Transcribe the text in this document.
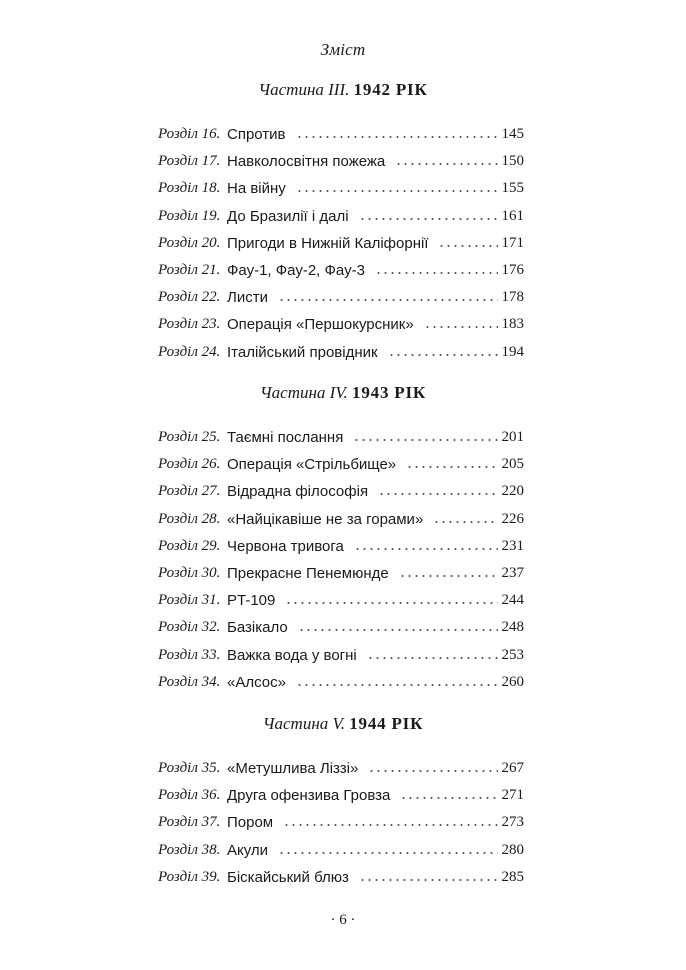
Зміст
Частина III. 1942 РІК
Розділ 16. Спротив	145
Розділ 17. Навколосвітня пожежа	150
Розділ 18. На війну	155
Розділ 19. До Бразилії і далі	161
Розділ 20. Пригоди в Нижній Каліфорнії	171
Розділ 21. Фау-1, Фау-2, Фау-3	176
Розділ 22. Листи	178
Розділ 23. Операція «Першокурсник»	183
Розділ 24. Італійський провідник	194
Частина IV. 1943 РІК
Розділ 25. Таємні послання	201
Розділ 26. Операція «Стрільбище»	205
Розділ 27. Відрадна філософія	220
Розділ 28. «Найцікавіше не за горами»	226
Розділ 29. Червона тривога	231
Розділ 30. Прекрасне Пенемюнде	237
Розділ 31. PT-109	244
Розділ 32. Базікало	248
Розділ 33. Важка вода у вогні	253
Розділ 34. «Алсос»	260
Частина V. 1944 РІК
Розділ 35. «Метушлива Ліззі»	267
Розділ 36. Друга офензива Гровза	271
Розділ 37. Пором	273
Розділ 38. Акули	280
Розділ 39. Біскайський блюз	285
· 6 ·
